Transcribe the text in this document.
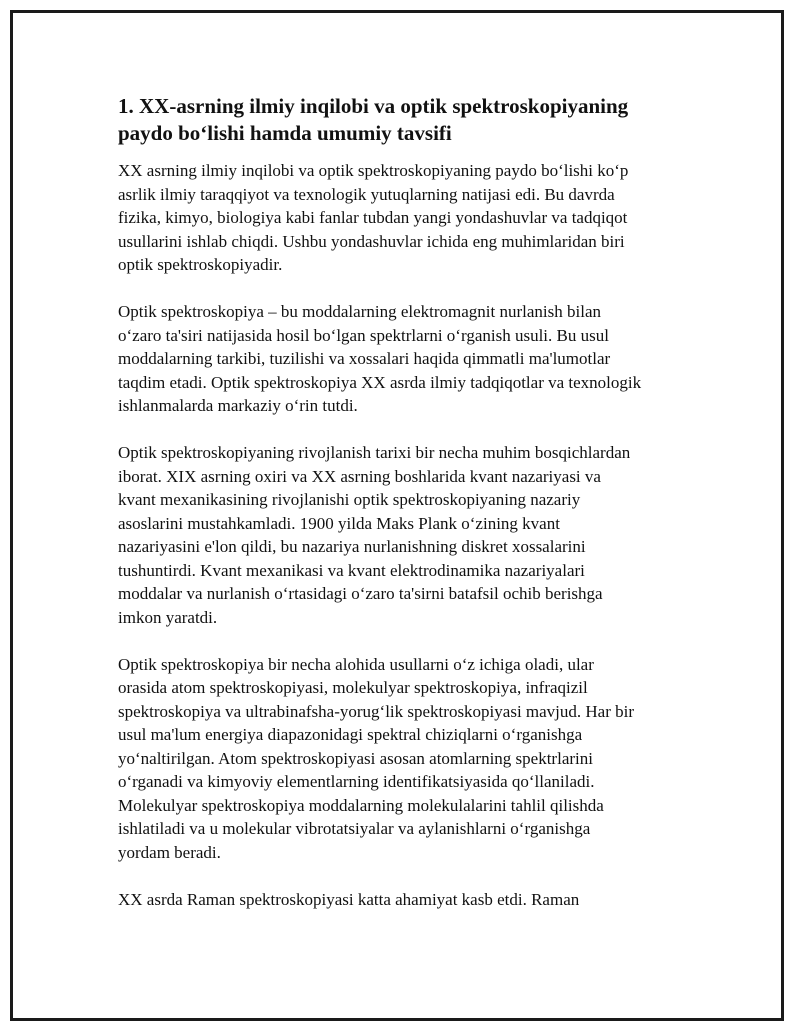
1. XX-asrning ilmiy inqilobi va optik spektroskopiyaning
paydo bo‘lishi hamda umumiy tavsifi

XX asrning ilmiy inqilobi va optik spektroskopiyaning paydo bo‘lishi ko‘p
asrlik ilmiy taraqqiyot va texnologik yutuqlarning natijasi edi. Bu davrda
fizika, kimyo, biologiya kabi fanlar tubdan yangi yondashuvlar va tadqiqot
usullarini ishlab chiqdi. Ushbu yondashuvlar ichida eng muhimlaridan biri
optik spektroskopiyadir.

Optik spektroskopiya – bu moddalarning elektromagnit nurlanish bilan
o‘zaro ta'siri natijasida hosil bo‘lgan spektrlarni o‘rganish usuli. Bu usul
moddalarning tarkibi, tuzilishi va xossalari haqida qimmatli ma'lumotlar
taqdim etadi. Optik spektroskopiya XX asrda ilmiy tadqiqotlar va texnologik
ishlanmalarda markaziy o‘rin tutdi.

Optik spektroskopiyaning rivojlanish tarixi bir necha muhim bosqichlardan
iborat. XIX asrning oxiri va XX asrning boshlarida kvant nazariyasi va
kvant mexanikasining rivojlanishi optik spektroskopiyaning nazariy
asoslarini mustahkamladi. 1900 yilda Maks Plank o‘zining kvant
nazariyasini e'lon qildi, bu nazariya nurlanishning diskret xossalarini
tushuntirdi. Kvant mexanikasi va kvant elektrodinamika nazariyalari
moddalar va nurlanish o‘rtasidagi o‘zaro ta'sirni batafsil ochib berishga
imkon yaratdi.

Optik spektroskopiya bir necha alohida usullarni o‘z ichiga oladi, ular
orasida atom spektroskopiyasi, molekulyar spektroskopiya, infraqizil
spektroskopiya va ultrabinafsha-yorug‘lik spektroskopiyasi mavjud. Har bir
usul ma'lum energiya diapazonidagi spektral chiziqlarni o‘rganishga
yo‘naltirilgan. Atom spektroskopiyasi asosan atomlarning spektrlarini
o‘rganadi va kimyoviy elementlarning identifikatsiyasida qo‘llaniladi.
Molekulyar spektroskopiya moddalarning molekulalarini tahlil qilishda
ishlatiladi va u molekular vibrotatsiyalar va aylanishlarni o‘rganishga
yordam beradi.

XX asrda Raman spektroskopiyasi katta ahamiyat kasb etdi. Raman
